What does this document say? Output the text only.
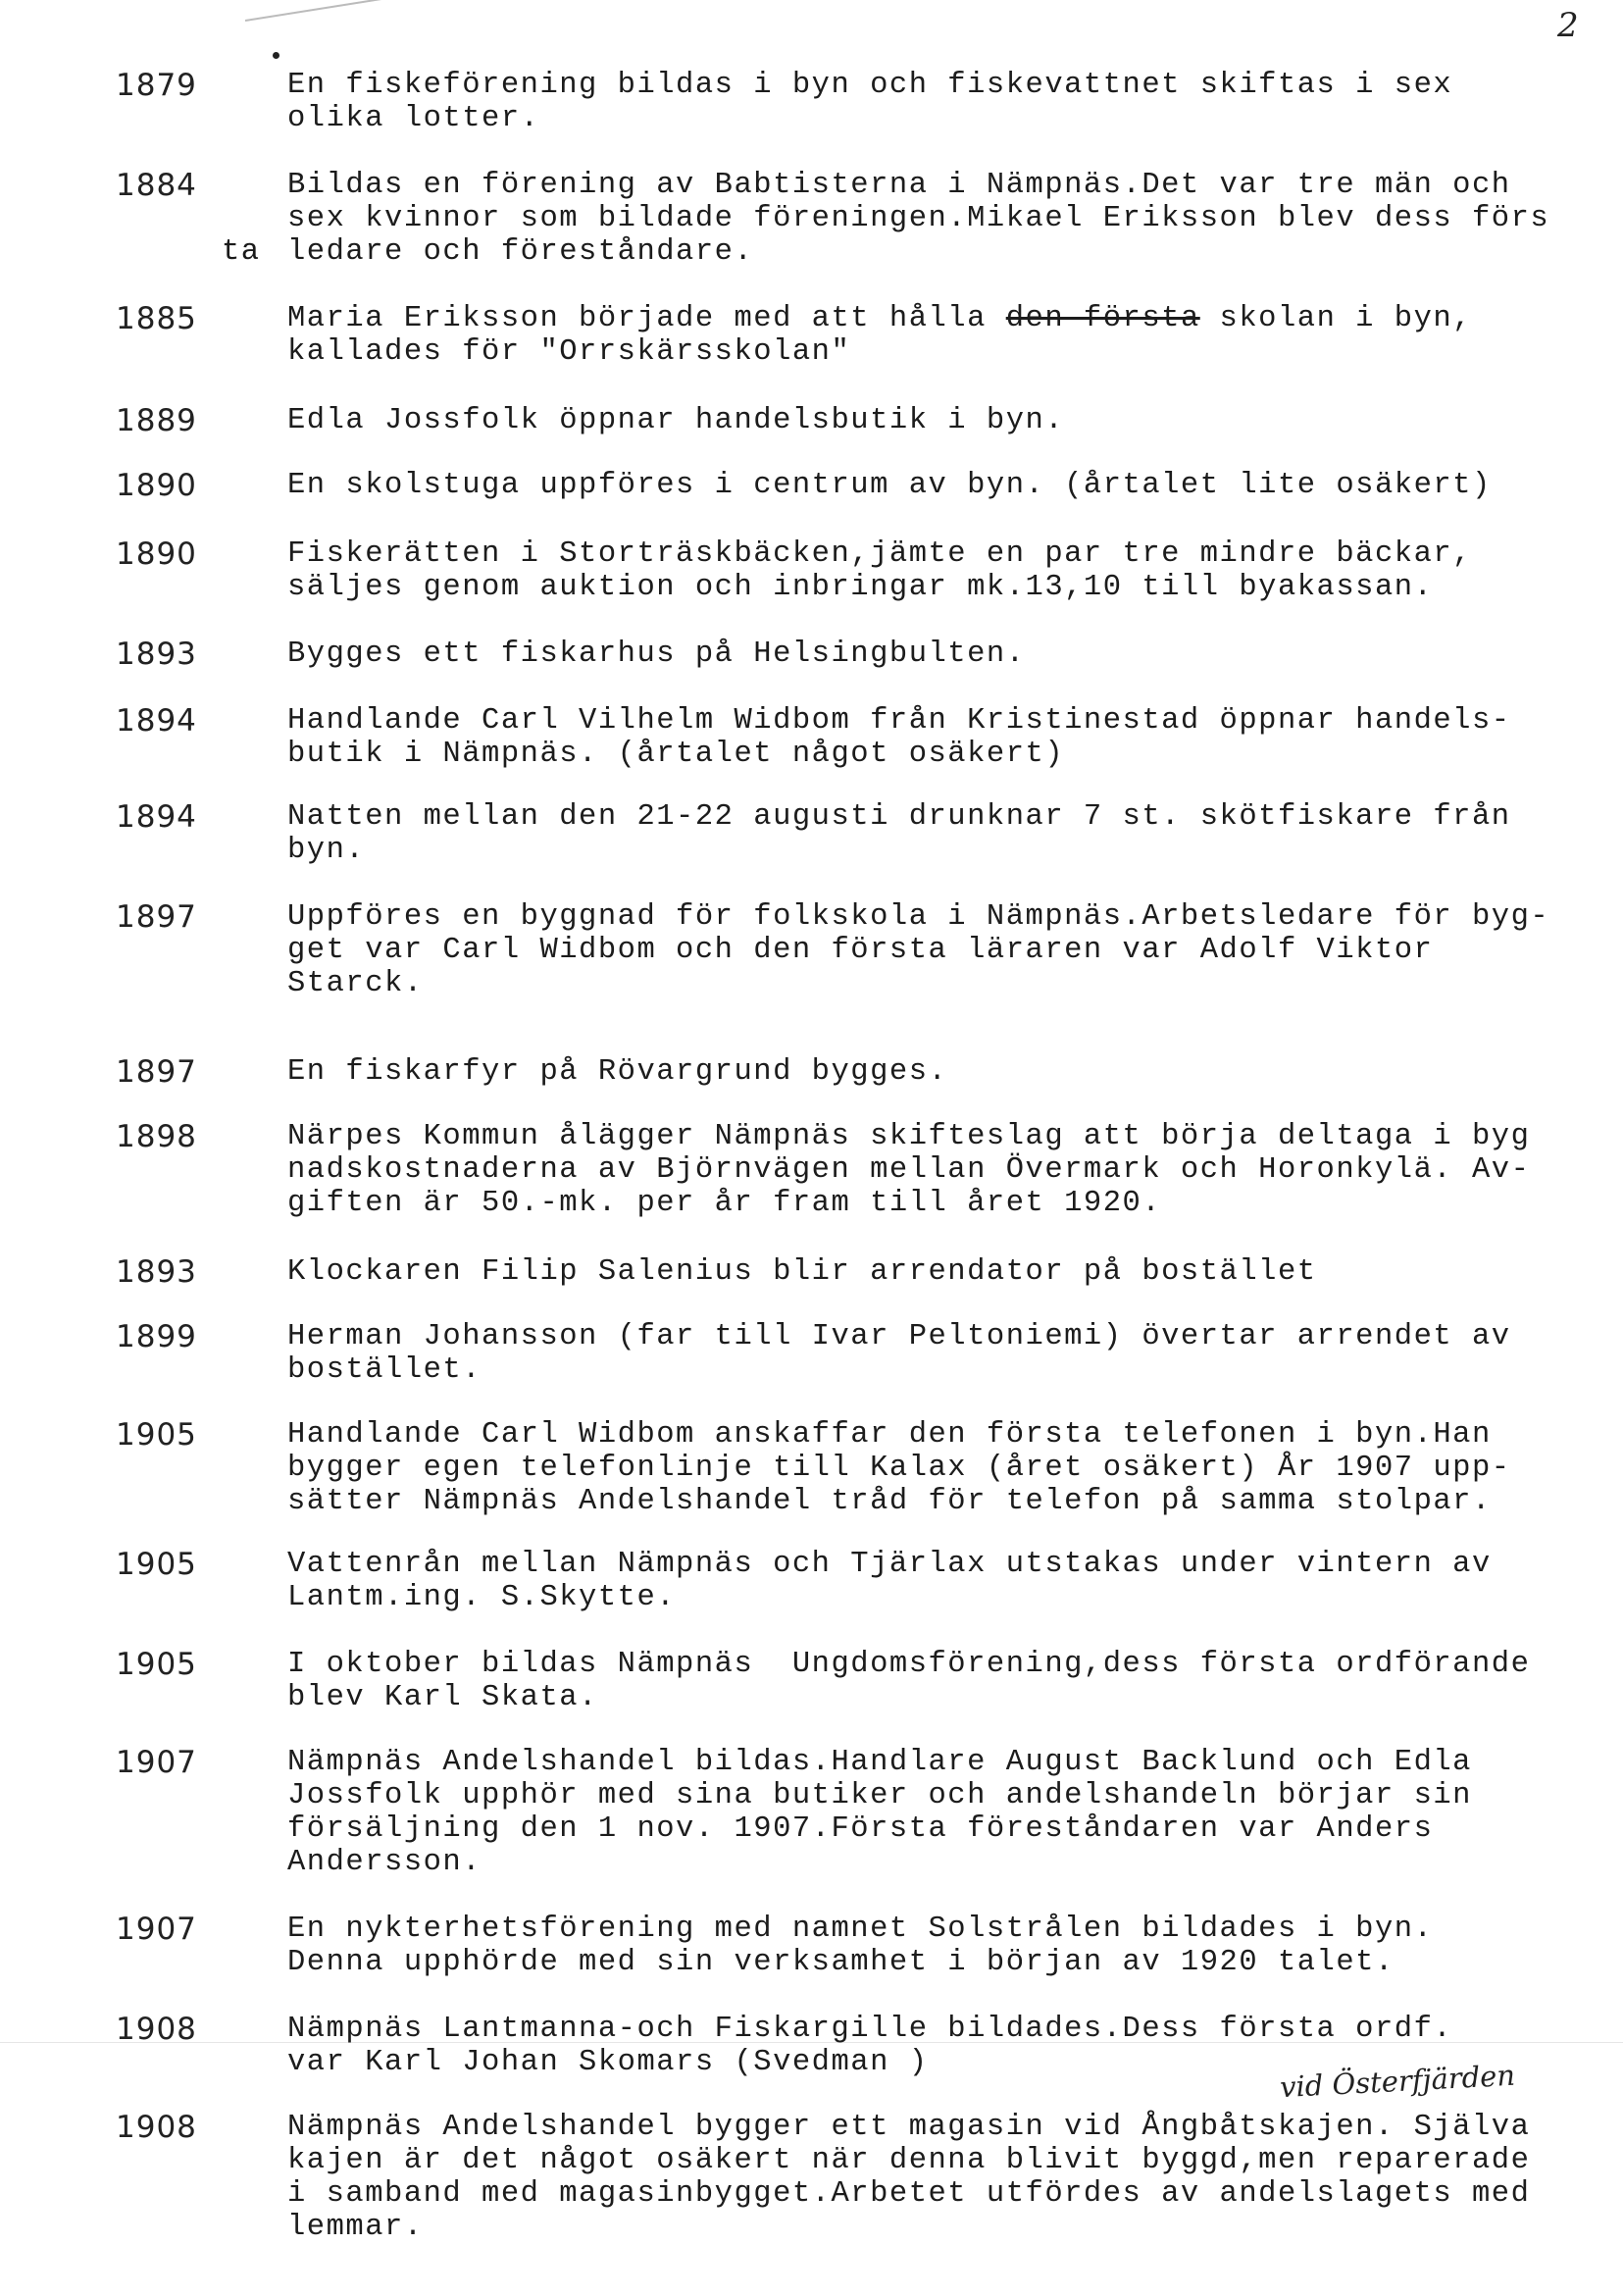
2
1879	En fiskeförening bildas i byn och fiskevattnet skiftas i sex
olika lotter.
1884	Bildas en förening av Babtisterna i Nämpnäs.Det var tre män och
sex kvinnor som bildade föreningen.Mikael Eriksson blev dess förs
ledare och föreståndare.
ta
1885	Maria Eriksson började med att hålla den första skolan i byn,
kallades för "Orrskärsskolan"
1889	Edla Jossfolk öppnar handelsbutik i byn.
1890	En skolstuga uppföres i centrum av byn. (årtalet lite osäkert)
1890	Fiskerätten i Storträskbäcken,jämte en par tre mindre bäckar,
säljes genom auktion och inbringar mk.13,10 till byakassan.
1893	Bygges ett fiskarhus på Helsingbulten.
1894	Handlande Carl Vilhelm Widbom från Kristinestad öppnar handels-
butik i Nämpnäs. (årtalet något osäkert)
1894	Natten mellan den 21-22 augusti drunknar 7 st. skötfiskare från
byn.
1897	Uppföres en byggnad för folkskola i Nämpnäs.Arbetsledare för byg-
get var Carl Widbom och den första läraren var Adolf Viktor
Starck.
1897	En fiskarfyr på Rövargrund bygges.
1898	Närpes Kommun ålägger Nämpnäs skifteslag att börja deltaga i byg
nadskostnaderna av Björnvägen mellan Övermark och Horonkylä. Av-
giften är 50.-mk. per år fram till året 1920.
1893	Klockaren Filip Salenius blir arrendator på bostället
1899	Herman Johansson (far till Ivar Peltoniemi) övertar arrendet av
bostället.
1905	Handlande Carl Widbom anskaffar den första telefonen i byn.Han
bygger egen telefonlinje till Kalax (året osäkert) År 1907 upp-
sätter Nämpnäs Andelshandel tråd för telefon på samma stolpar.
1905	Vattenrån mellan Nämpnäs och Tjärlax utstakas under vintern av
Lantm.ing. S.Skytte.
1905	I oktober bildas Nämpnäs  Ungdomsförening,dess första ordförande
blev Karl Skata.
1907	Nämpnäs Andelshandel bildas.Handlare August Backlund och Edla
Jossfolk upphör med sina butiker och andelshandeln börjar sin
försäljning den 1 nov. 1907.Första föreståndaren var Anders
Andersson.
1907	En nykterhetsförening med namnet Solstrålen bildades i byn.
Denna upphörde med sin verksamhet i början av 1920 talet.
1908	Nämpnäs Lantmanna-och Fiskargille bildades.Dess första ordf.
var Karl Johan Skomars (Svedman )	vid Österfjärden
1908	Nämpnäs Andelshandel bygger ett magasin vid Ångbåtskajen. Själva
kajen är det något osäkert när denna blivit byggd,men reparerade
i samband med magasinbygget.Arbetet utfördes av andelslagets med
lemmar.
